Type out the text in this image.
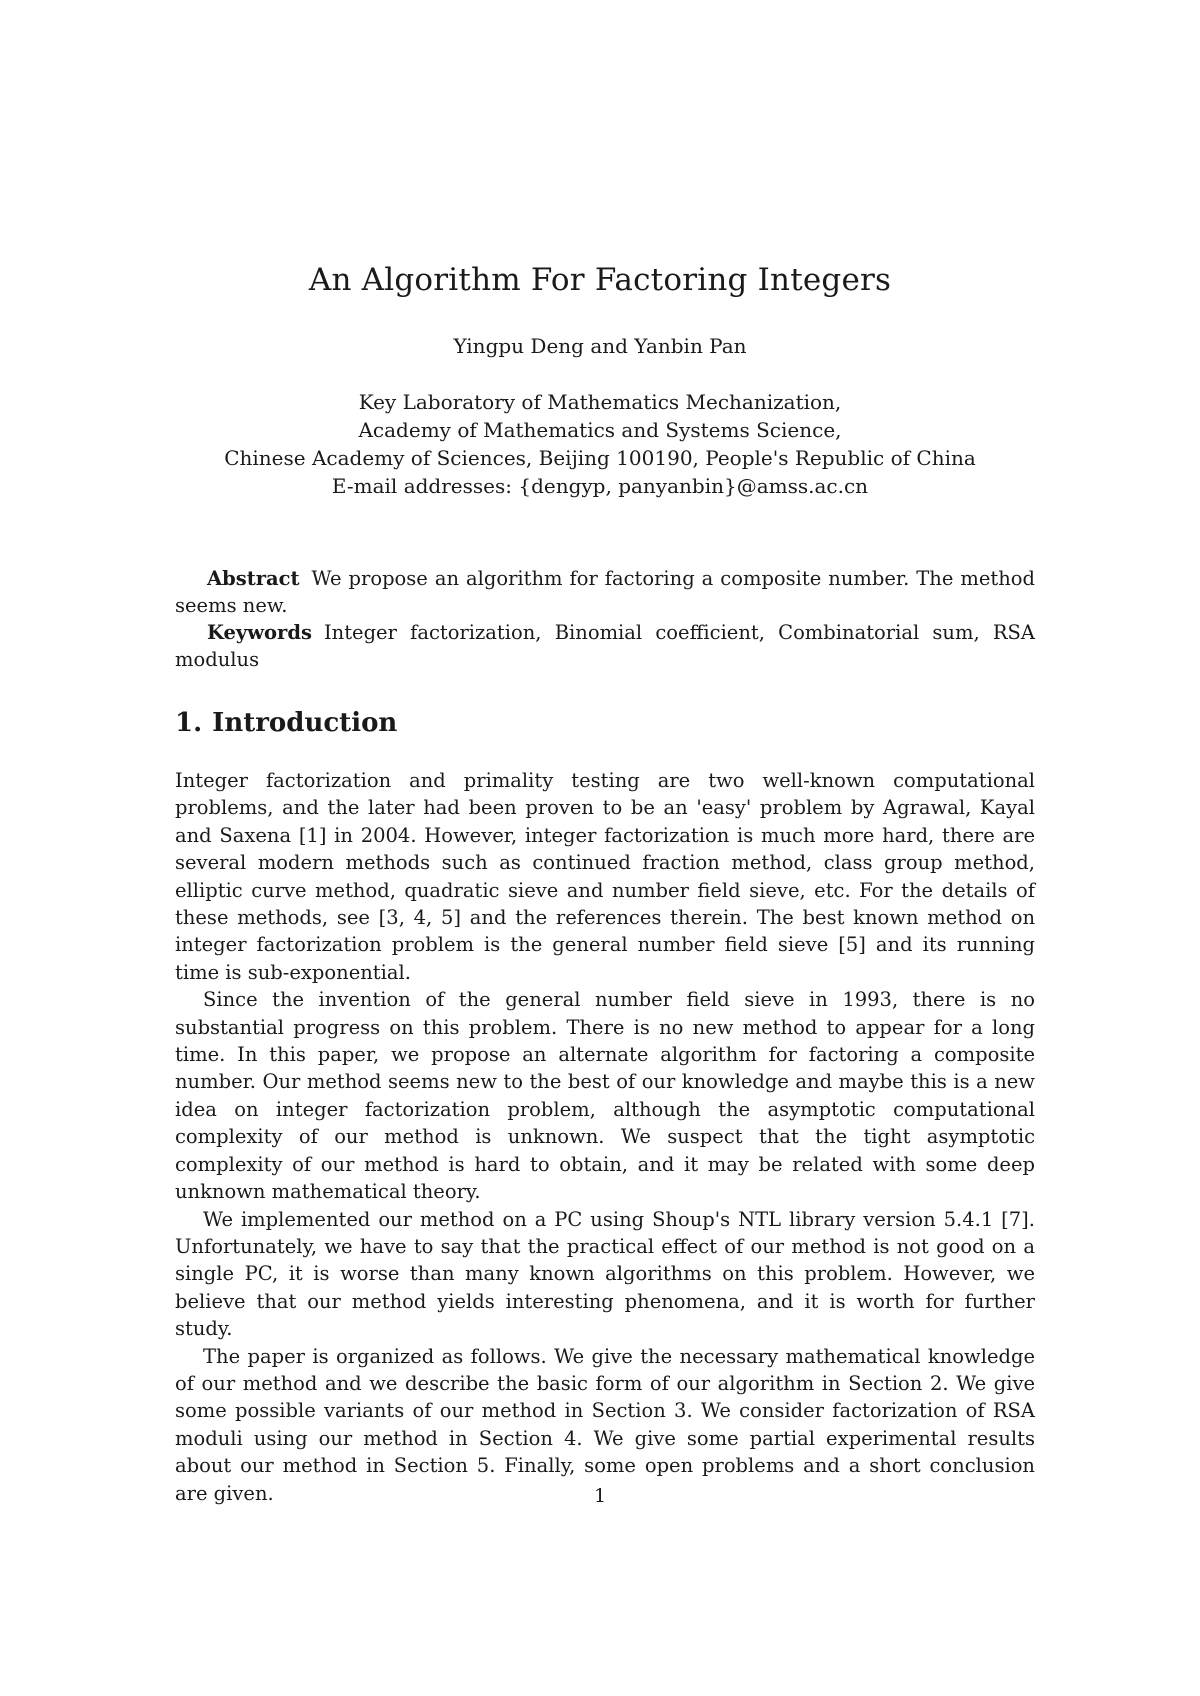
An Algorithm For Factoring Integers
Yingpu Deng and Yanbin Pan
Key Laboratory of Mathematics Mechanization,
Academy of Mathematics and Systems Science,
Chinese Academy of Sciences, Beijing 100190, People's Republic of China
E-mail addresses: {dengyp, panyanbin}@amss.ac.cn

Abstract We propose an algorithm for factoring a composite number. The method seems new.

Keywords Integer factorization, Binomial coefficient, Combinatorial sum, RSA modulus

1. Introduction

Integer factorization and primality testing are two well-known computational problems, and the later had been proven to be an 'easy' problem by Agrawal, Kayal and Saxena [1] in 2004. However, integer factorization is much more hard, there are several modern methods such as continued fraction method, class group method, elliptic curve method, quadratic sieve and number field sieve, etc. For the details of these methods, see [3, 4, 5] and the references therein. The best known method on integer factorization problem is the general number field sieve [5] and its running time is sub-exponential.

Since the invention of the general number field sieve in 1993, there is no substantial progress on this problem. There is no new method to appear for a long time. In this paper, we propose an alternate algorithm for factoring a composite number. Our method seems new to the best of our knowledge and maybe this is a new idea on integer factorization problem, although the asymptotic computational complexity of our method is unknown. We suspect that the tight asymptotic complexity of our method is hard to obtain, and it may be related with some deep unknown mathematical theory.

We implemented our method on a PC using Shoup's NTL library version 5.4.1 [7]. Unfortunately, we have to say that the practical effect of our method is not good on a single PC, it is worse than many known algorithms on this problem. However, we believe that our method yields interesting phenomena, and it is worth for further study.

The paper is organized as follows. We give the necessary mathematical knowledge of our method and we describe the basic form of our algorithm in Section 2. We give some possible variants of our method in Section 3. We consider factorization of RSA moduli using our method in Section 4. We give some partial experimental results about our method in Section 5. Finally, some open problems and a short conclusion are given.	1
